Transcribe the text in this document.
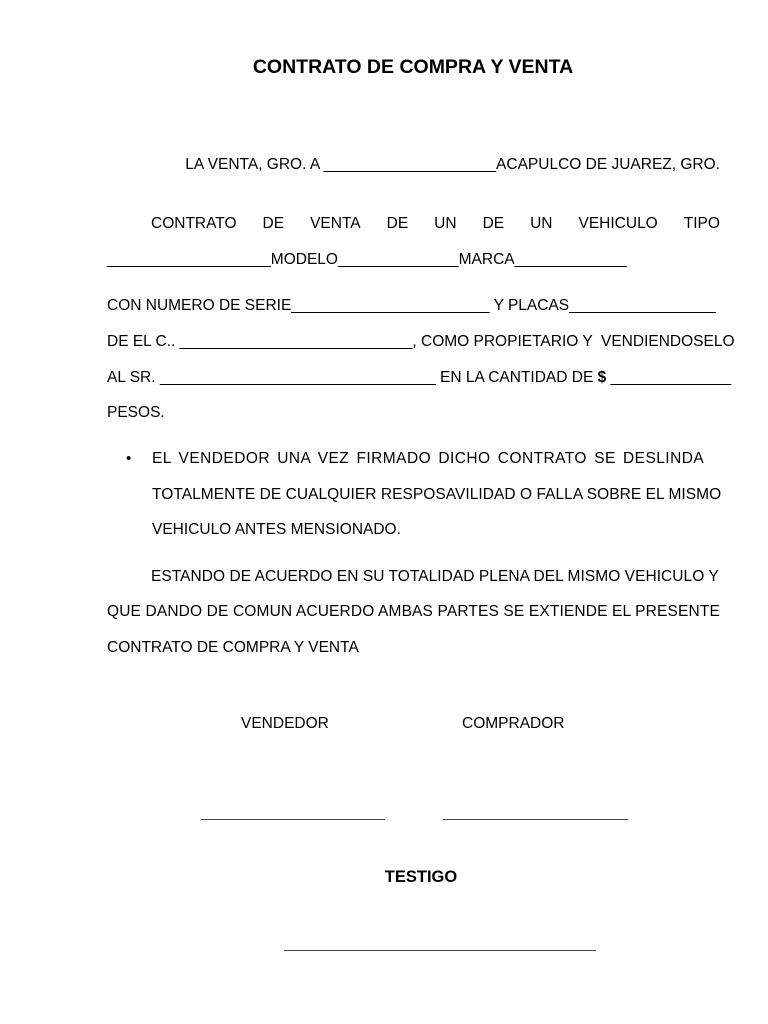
CONTRATO DE COMPRA Y VENTA
LA VENTA, GRO. A ____________________ACAPULCO DE JUAREZ, GRO.
CONTRATO DE VENTA DE UN DE UN VEHICULO TIPO
___________________MODELO______________MARCA_____________
CON NUMERO DE SERIE_______________________ Y PLACAS_________________
DE EL C.. ___________________________, COMO PROPIETARIO Y  VENDIENDOSELO
AL SR. ________________________________ EN LA CANTIDAD DE $ ______________
PESOS.
• EL VENDEDOR UNA VEZ FIRMADO DICHO CONTRATO SE DESLINDA
TOTALMENTE DE CUALQUIER RESPOSAVILIDAD O FALLA SOBRE EL MISMO
VEHICULO ANTES MENSIONADO.
ESTANDO DE ACUERDO EN SU TOTALIDAD PLENA DEL MISMO VEHICULO Y
QUE DANDO DE COMUN ACUERDO AMBAS PARTES SE EXTIENDE EL PRESENTE
CONTRATO DE COMPRA Y VENTA
VENDEDOR	COMPRADOR
TESTIGO
